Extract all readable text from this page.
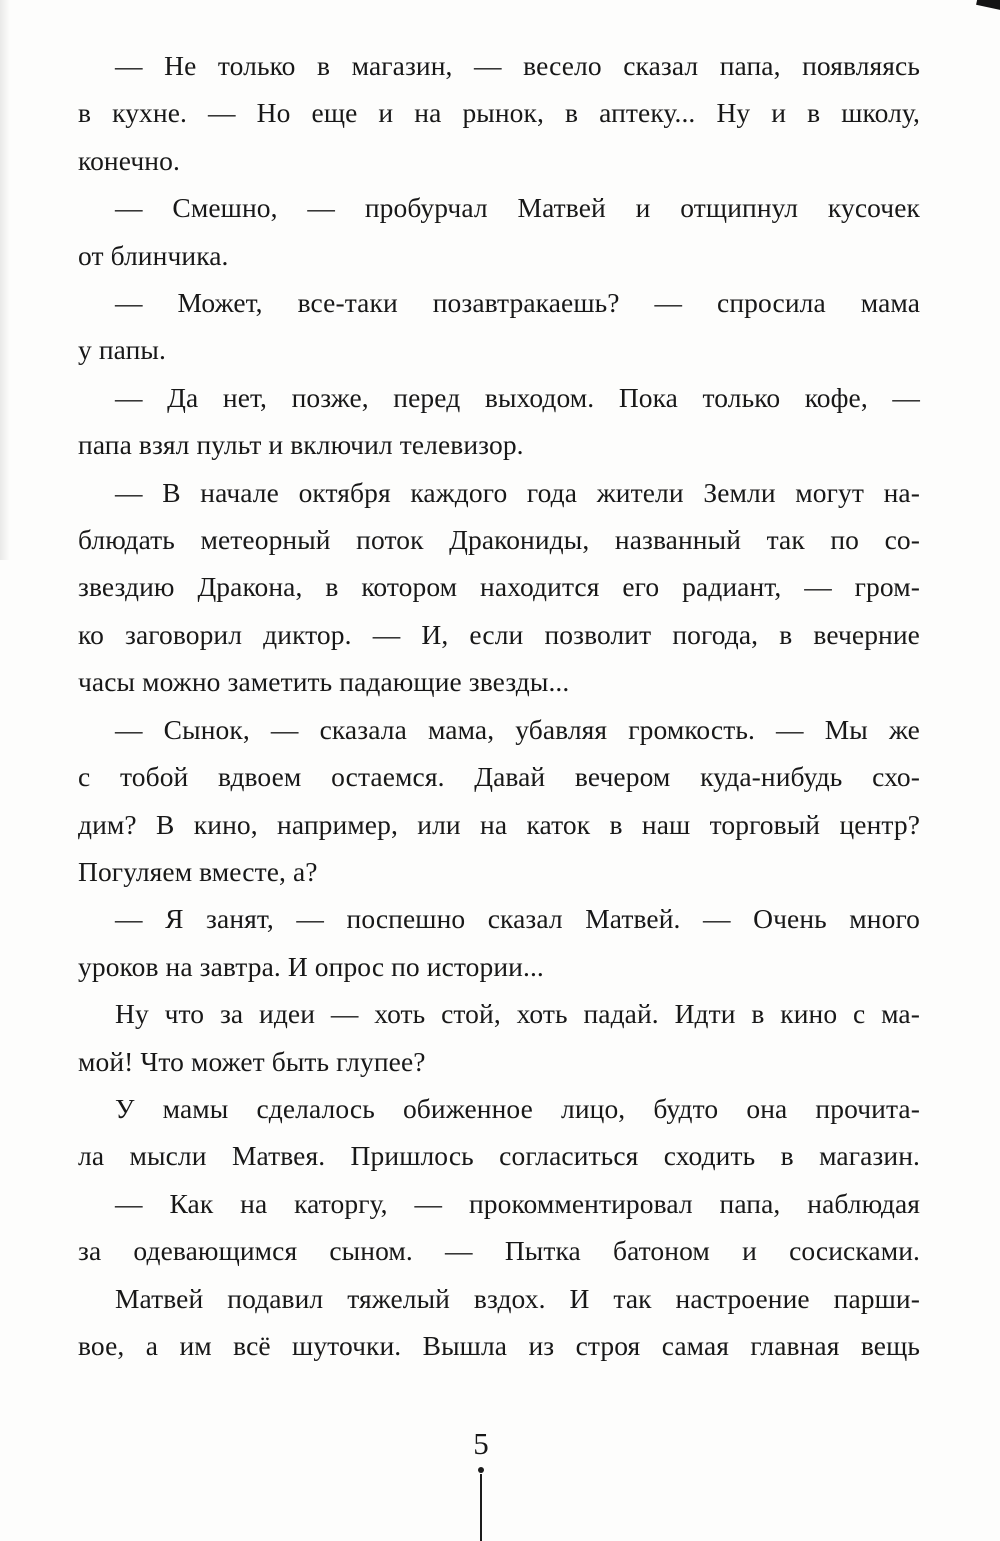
— Не только в магазин, — весело сказал папа, появляясь
в кухне. — Но еще и на рынок, в аптеку... Ну и в школу,
конечно.
— Смешно, — пробурчал Матвей и отщипнул кусочек
от блинчика.
— Может, все-таки позавтракаешь? — спросила мама
у папы.
— Да нет, позже, перед выходом. Пока только кофе, —
папа взял пульт и включил телевизор.
— В начале октября каждого года жители Земли могут на-
блюдать метеорный поток Дракониды, названный так по со-
звездию Дракона, в котором находится его радиант, — гром-
ко заговорил диктор. — И, если позволит погода, в вечерние
часы можно заметить падающие звезды...
— Сынок, — сказала мама, убавляя громкость. — Мы же
с тобой вдвоем остаемся. Давай вечером куда-нибудь схо-
дим? В кино, например, или на каток в наш торговый центр?
Погуляем вместе, а?
— Я занят, — поспешно сказал Матвей. — Очень много
уроков на завтра. И опрос по истории...
Ну что за идеи — хоть стой, хоть падай. Идти в кино с ма-
мой! Что может быть глупее?
У мамы сделалось обиженное лицо, будто она прочита-
ла мысли Матвея. Пришлось согласиться сходить в магазин.
— Как на каторгу, — прокомментировал папа, наблюдая
за одевающимся сыном. — Пытка батоном и сосисками.
Матвей подавил тяжелый вздох. И так настроение парши-
вое, а им всё шуточки. Вышла из строя самая главная вещь
5
